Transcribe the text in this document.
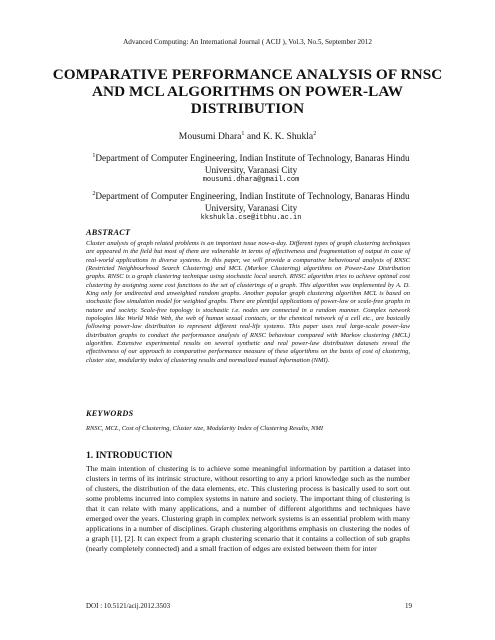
Advanced Computing: An International Journal ( ACIJ ), Vol.3, No.5, September 2012
COMPARATIVE PERFORMANCE ANALYSIS OF RNSC AND MCL ALGORITHMS ON POWER-LAW DISTRIBUTION
Mousumi Dhara$^1$ and K. K. Shukla$^2$
$^1$Department of Computer Engineering, Indian Institute of Technology, Banaras Hindu University, Varanasi City
mousumi.dhara@gmail.com
$^2$Department of Computer Engineering, Indian Institute of Technology, Banaras Hindu University, Varanasi City
kkshukla.cse@itbhu.ac.in
ABSTRACT
Cluster analysis of graph related problems is an important issue now-a-day. Different types of graph clustering techniques are appeared in the field but most of them are vulnerable in terms of effectiveness and fragmentation of output in case of real-world applications in diverse systems. In this paper, we will provide a comparative behavioural analysis of RNSC (Restricted Neighbourhood Search Clustering) and MCL (Markov Clustering) algorithms on Power-Law Distribution graphs. RNSC is a graph clustering technique using stochastic local search. RNSC algorithm tries to achieve optimal cost clustering by assigning some cost functions to the set of clusterings of a graph. This algorithm was implemented by A. D. King only for undirected and unweighted random graphs. Another popular graph clustering algorithm MCL is based on stochastic flow simulation model for weighted graphs. There are plentiful applications of power-law or scale-free graphs in nature and society. Scale-free topology is stochastic i.e. nodes are connected in a random manner. Complex network topologies like World Wide Web, the web of human sexual contacts, or the chemical network of a cell etc., are basically following power-law distribution to represent different real-life systems. This paper uses real large-scale power-law distribution graphs to conduct the performance analysis of RNSC behaviour compared with Markov clustering (MCL) algorithm. Extensive experimental results on several synthetic and real power-law distribution datasets reveal the effectiveness of our approach to comparative performance measure of these algorithms on the basis of cost of clustering, cluster size, modularity index of clustering results and normalized mutual information (NMI).
KEYWORDS
RNSC, MCL, Cost of Clustering, Cluster size, Modularity Index of Clustering Results, NMI
1. INTRODUCTION
The main intention of clustering is to achieve some meaningful information by partition a dataset into clusters in terms of its intrinsic structure, without resorting to any a priori knowledge such as the number of clusters, the distribution of the data elements, etc. This clustering process is basically used to sort out some problems incurred into complex systems in nature and society. The important thing of clustering is that it can relate with many applications, and a number of different algorithms and techniques have emerged over the years. Clustering graph in complex network systems is an essential problem with many applications in a number of disciplines. Graph clustering algorithms emphasis on clustering the nodes of a graph [1], [2]. It can expect from a graph clustering scenario that it contains a collection of sub graphs (nearly completely connected) and a small fraction of edges are existed between them for inter
DOI : 10.5121/acij.2012.3503	19
